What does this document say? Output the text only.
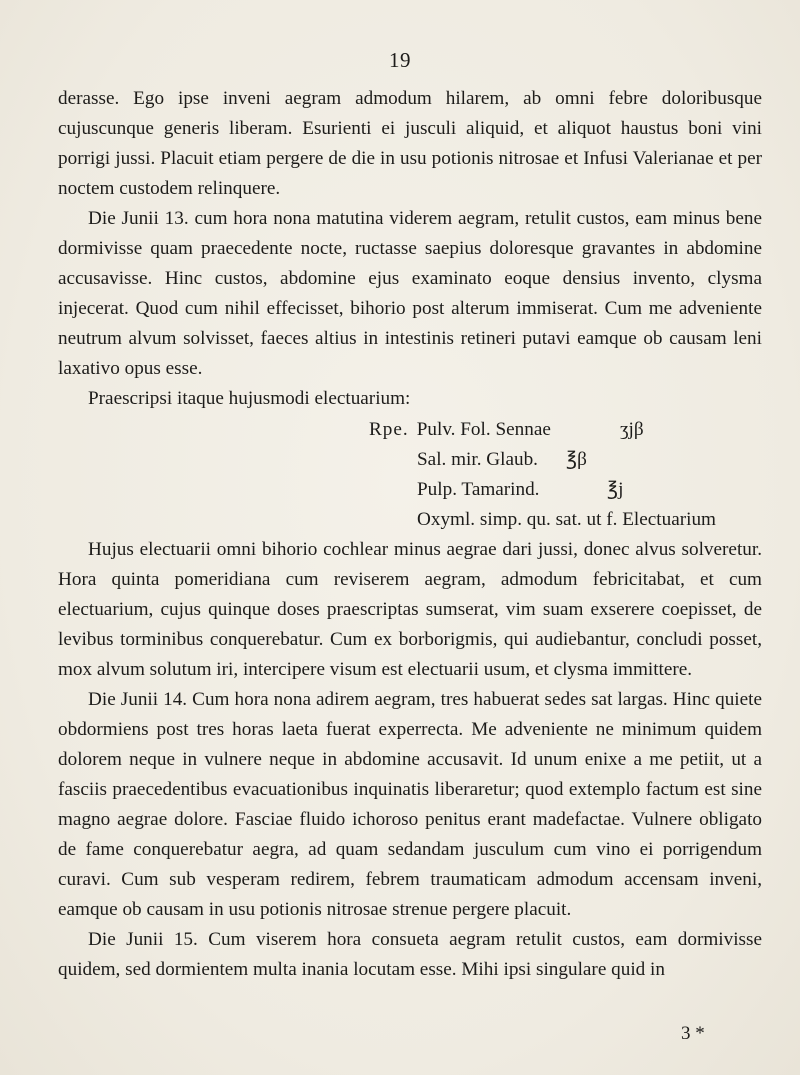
19

derasse. Ego ipse inveni aegram admodum hilarem, ab omni febre doloribusque cujuscunque generis liberam. Esurienti ei jusculi aliquid, et aliquot haustus boni vini porrigi jussi. Placuit etiam pergere de die in usu potionis nitrosae et Infusi Valerianae et per noctem custodem relinquere.

Die Junii 13. cum hora nona matutina viderem aegram, retulit custos, eam minus bene dormivisse quam praecedente nocte, ructasse saepius doloresque gravantes in abdomine accusavisse. Hinc custos, abdomine ejus examinato eoque densius invento, clysma injecerat. Quod cum nihil effecisset, bihorio post alterum immiserat. Cum me adveniente neutrum alvum solvisset, faeces altius in intestinis retineri putavi eamque ob causam leni laxativo opus esse.

Praescripsi itaque hujusmodi electuarium:

Rpe. Pulv. Fol. Sennae	ʒjβ
Sal. mir. Glaub. ℥β
Pulp. Tamarind.	℥j
Oxyml. simp. qu. sat. ut f. Electuarium

Hujus electuarii omni bihorio cochlear minus aegrae dari jussi, donec alvus solveretur. Hora quinta pomeridiana cum reviserem aegram, admodum febricitabat, et cum electuarium, cujus quinque doses praescriptas sumserat, vim suam exserere coepisset, de levibus torminibus conquerebatur. Cum ex borborigmis, qui audiebantur, concludi posset, mox alvum solutum iri, intercipere visum est electuarii usum, et clysma immittere.

Die Junii 14. Cum hora nona adirem aegram, tres habuerat sedes sat largas. Hinc quiete obdormiens post tres horas laeta fuerat experrecta. Me adveniente ne minimum quidem dolorem neque in vulnere neque in abdomine accusavit. Id unum enixe a me petiit, ut a fasciis praecedentibus evacuationibus inquinatis liberaretur; quod extemplo factum est sine magno aegrae dolore. Fasciae fluido ichoroso penitus erant madefactae. Vulnere obligato de fame conquerebatur aegra, ad quam sedandam jusculum cum vino ei porrigendum curavi. Cum sub vesperam redirem, febrem traumaticam admodum accensam inveni, eamque ob causam in usu potionis nitrosae strenue pergere placuit.

Die Junii 15. Cum viserem hora consueta aegram retulit custos, eam dormivisse quidem, sed dormientem multa inania locutam esse. Mihi ipsi singulare quid in

3 *
